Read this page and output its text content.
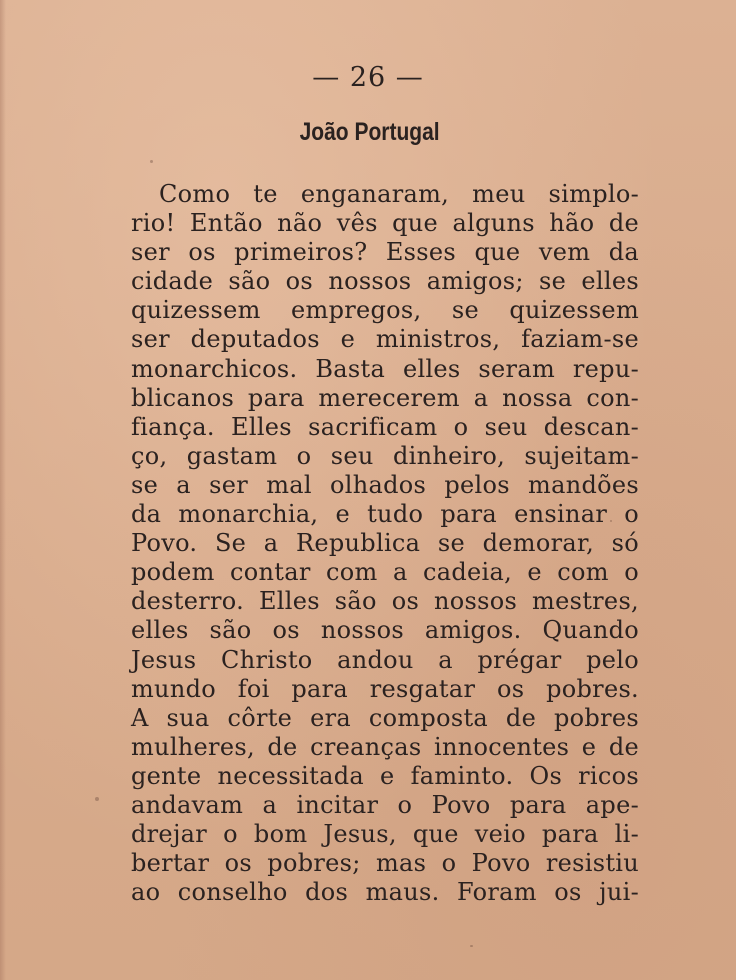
— 26 —
João Portugal
Como te enganaram, meu simplo-
rio! Então não vês que alguns hão de
ser os primeiros? Esses que vem da
cidade são os nossos amigos; se elles
quizessem empregos, se quizessem
ser deputados e ministros, faziam-se
monarchicos. Basta elles seram repu-
blicanos para merecerem a nossa con-
fiança. Elles sacrificam o seu descan-
ço, gastam o seu dinheiro, sujeitam-
se a ser mal olhados pelos mandões
da monarchia, e tudo para ensinar o
Povo. Se a Republica se demorar, só
podem contar com a cadeia, e com o
desterro. Elles são os nossos mestres,
elles são os nossos amigos. Quando
Jesus Christo andou a prégar pelo
mundo foi para resgatar os pobres.
A sua côrte era composta de pobres
mulheres, de creanças innocentes e de
gente necessitada e faminto. Os ricos
andavam a incitar o Povo para ape-
drejar o bom Jesus, que veio para li-
bertar os pobres; mas o Povo resistiu
ao conselho dos maus. Foram os jui-
